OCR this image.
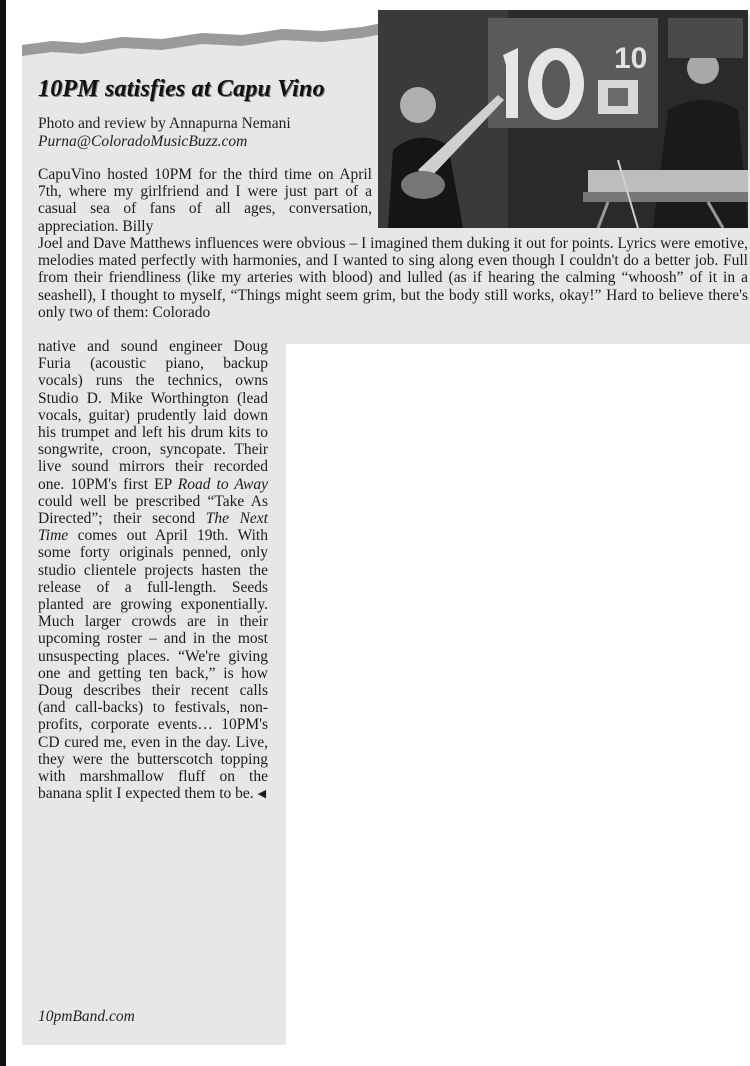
10
10PM satisfies at Capu Vino

Photo and review by Annapurna Nemani
Purna@ColoradoMusicBuzz.com

CapuVino hosted 10PM for the third time on April 7th, where my girlfriend and I were just part of a casual sea of fans of all ages, conversation, appreciation. Billy

Joel and Dave Matthews influences were obvious – I imagined them duking it out for points. Lyrics were emotive, melodies mated perfectly with harmonies, and I wanted to sing along even though I couldn't do a better job. Full from their friendliness (like my arteries with blood) and lulled (as if hearing the calming “whoosh” of it in a seashell), I thought to myself, “Things might seem grim, but the body still works, okay!” Hard to believe there's only two of them: Colorado

native and sound engineer Doug Furia (acoustic piano, backup vocals) runs the technics, owns Studio D. Mike Worthington (lead vocals, guitar) prudently laid down his trumpet and left his drum kits to songwrite, croon, syncopate. Their live sound mirrors their recorded one. 10PM's first EP Road to Away could well be prescribed “Take As Directed”; their second The Next Time comes out April 19th. With some forty originals penned, only studio clientele projects hasten the release of a full-length. Seeds planted are growing exponentially. Much larger crowds are in their upcoming roster – and in the most unsuspecting places. “We're giving one and getting ten back,” is how Doug describes their recent calls (and call-backs) to festivals, non-profits, corporate events… 10PM's CD cured me, even in the day. Live, they were the butterscotch topping with marshmallow fluff on the banana split I expected them to be. ◀

10pmBand.com
